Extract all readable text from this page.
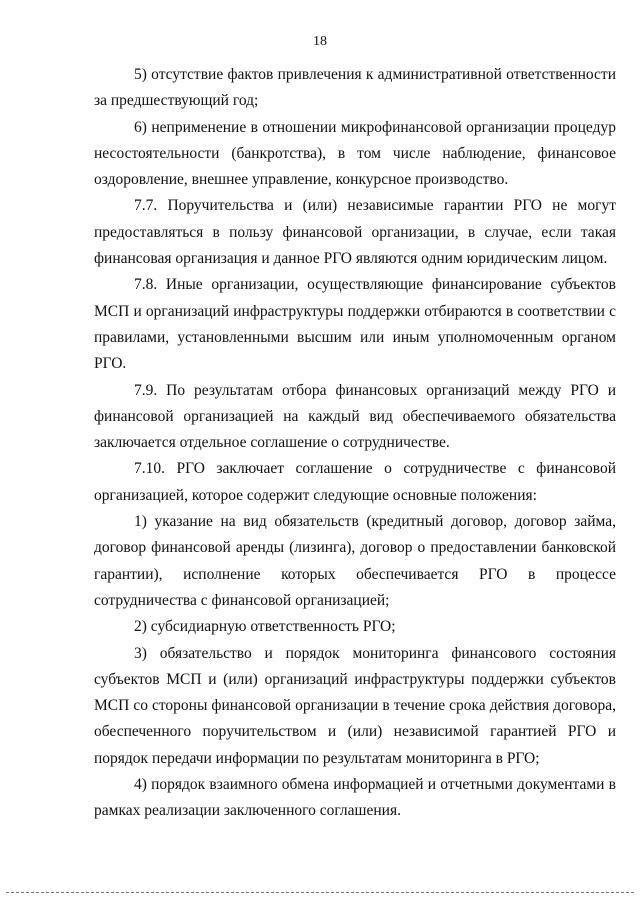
18

5) отсутствие фактов привлечения к административной ответственности за предшествующий год;

6) неприменение в отношении микрофинансовой организации процедур несостоятельности (банкротства), в том числе наблюдение, финансовое оздоровление, внешнее управление, конкурсное производство.

7.7. Поручительства и (или) независимые гарантии РГО не могут предоставляться в пользу финансовой организации, в случае, если такая финансовая организация и данное РГО являются одним юридическим лицом.

7.8. Иные организации, осуществляющие финансирование субъектов МСП и организаций инфраструктуры поддержки отбираются в соответствии с правилами, установленными высшим или иным уполномоченным органом РГО.

7.9. По результатам отбора финансовых организаций между РГО и финансовой организацией на каждый вид обеспечиваемого обязательства заключается отдельное соглашение о сотрудничестве.

7.10. РГО заключает соглашение о сотрудничестве с финансовой организацией, которое содержит следующие основные положения:

1) указание на вид обязательств (кредитный договор, договор займа, договор финансовой аренды (лизинга), договор о предоставлении банковской гарантии), исполнение которых обеспечивается РГО в процессе сотрудничества с финансовой организацией;

2) субсидиарную ответственность РГО;

3) обязательство и порядок мониторинга финансового состояния субъектов МСП и (или) организаций инфраструктуры поддержки субъектов МСП со стороны финансовой организации в течение срока действия договора, обеспеченного поручительством и (или) независимой гарантией РГО и порядок передачи информации по результатам мониторинга в РГО;

4) порядок взаимного обмена информацией и отчетными документами в рамках реализации заключенного соглашения.
